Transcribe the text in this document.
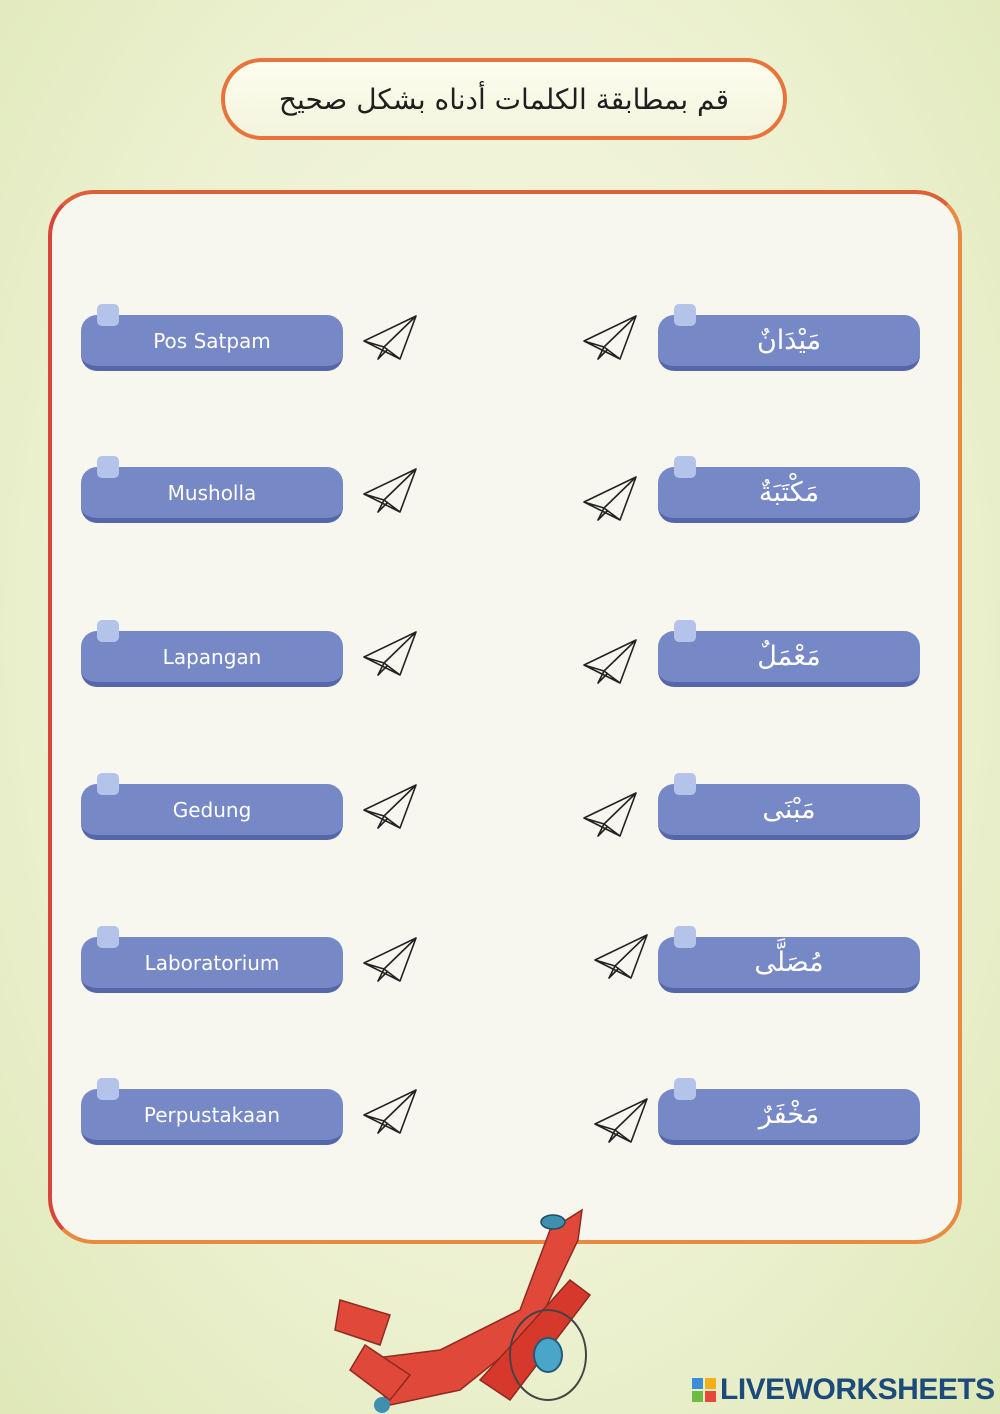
قم بمطابقة الكلمات أدناه بشكل صحيح
Pos Satpam
Musholla
Lapangan
Gedung
Laboratorium
Perpustakaan
مَيْدَانٌ
مَكْتَبَةٌ
مَعْمَلٌ
مَبْنَى
مُصَلَّى
مَخْفَرٌ
LIVEWORKSHEETS
